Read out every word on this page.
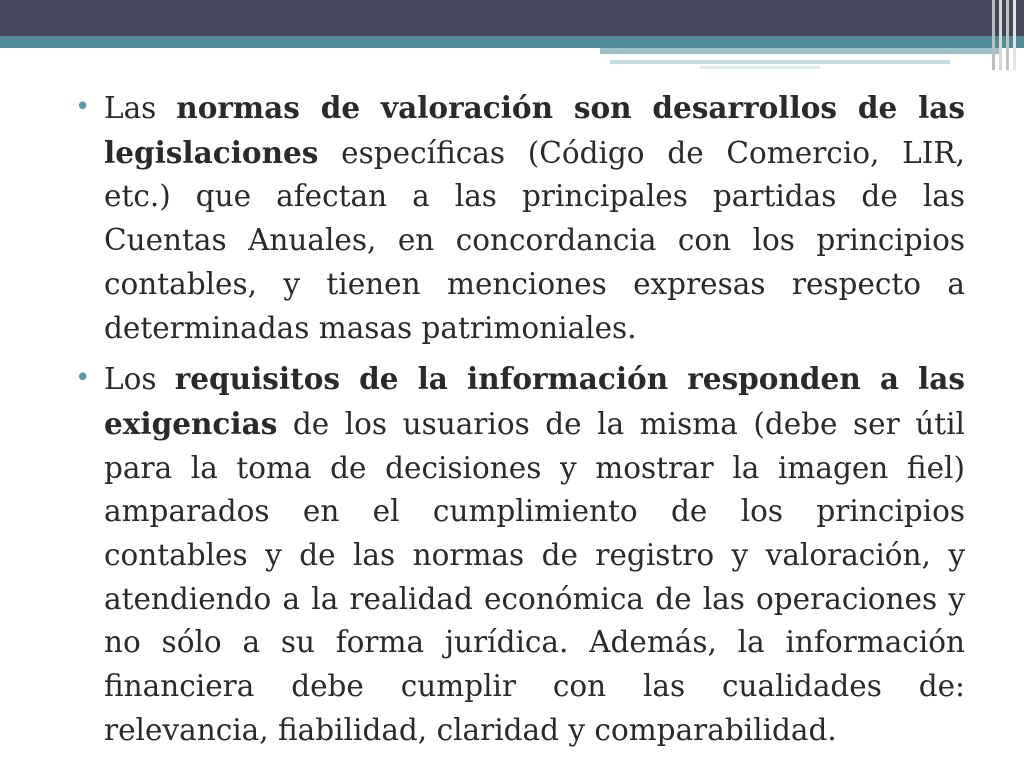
• Las normas de valoración son desarrollos de las legislaciones específicas (Código de Comercio, LIR, etc.) que afectan a las principales partidas de las Cuentas Anuales, en concordancia con los principios contables, y tienen menciones expresas respecto a determinadas masas patrimoniales.

• Los requisitos de la información responden a las exigencias de los usuarios de la misma (debe ser útil para la toma de decisiones y mostrar la imagen fiel) amparados en el cumplimiento de los principios contables y de las normas de registro y valoración, y atendiendo a la realidad económica de las operaciones y no sólo a su forma jurídica. Además, la información financiera debe cumplir con las cualidades de: relevancia, fiabilidad, claridad y comparabilidad.
